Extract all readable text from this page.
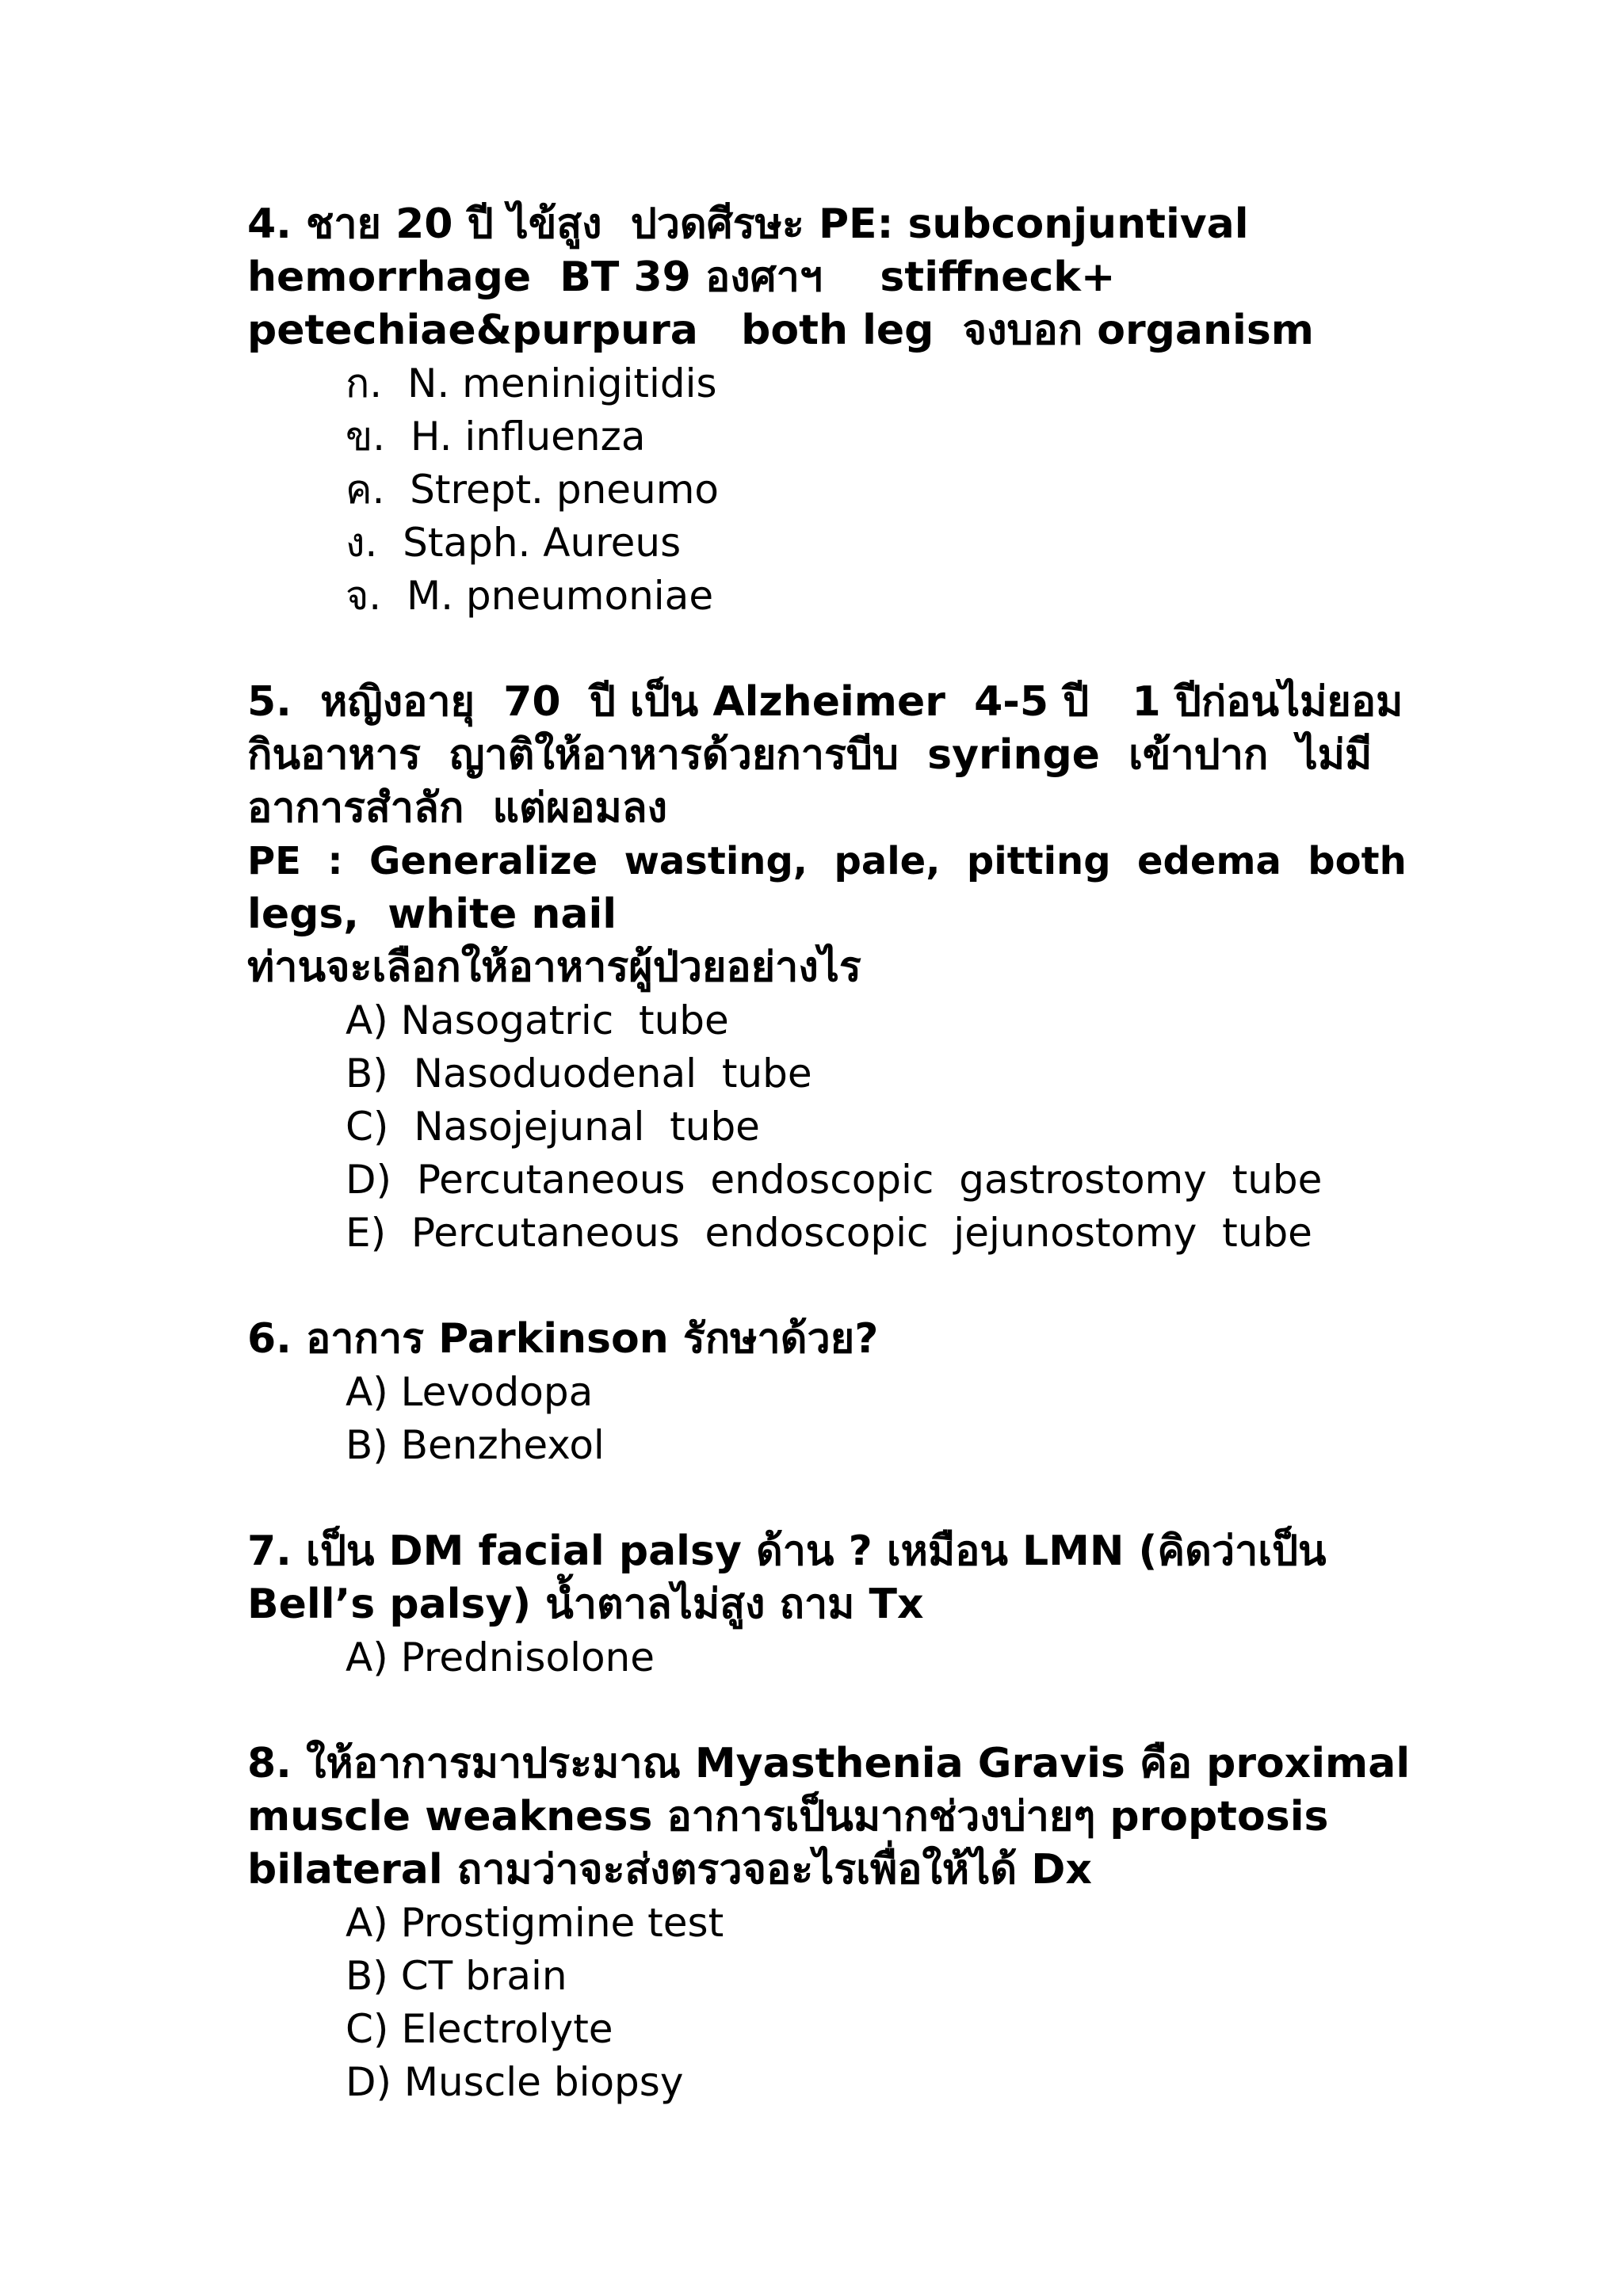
4. ชาย 20 ปี ไข้สูง  ปวดศีรษะ PE: subconjuntival

hemorrhage  BT 39 องศาฯ    stiffneck+

petechiae&purpura   both leg  จงบอก organism

ก. N. meninigitidis

ข. H. influenza

ค. Strept. pneumo

ง. Staph. Aureus

จ. M. pneumoniae

5.  หญิงอายุ  70  ปี เป็น Alzheimer  4-5 ปี   1 ปีก่อนไม่ยอม

กินอาหาร  ญาติให้อาหารด้วยการบีบ  syringe  เข้าปาก  ไม่มี

อาการสำลัก  แต่ผอมลง

PE  :  Generalize  wasting,  pale,  pitting  edema  both

legs,  white nail

ท่านจะเลือกให้อาหารผู้ป่วยอย่างไร

A) Nasogatric  tube

B) Nasoduodenal  tube

C) Nasojejunal  tube

D) Percutaneous  endoscopic  gastrostomy  tube

E) Percutaneous  endoscopic  jejunostomy  tube

6. อาการ Parkinson รักษาด้วย?

A) Levodopa

B) Benzhexol

7. เป็น DM facial palsy ด้าน ? เหมือน LMN (คิดว่าเป็น

Bell’s palsy) น้ำตาลไม่สูง ถาม Tx

A) Prednisolone

8. ให้อาการมาประมาณ Myasthenia Gravis คือ proximal

muscle weakness อาการเป็นมากช่วงบ่ายๆ proptosis

bilateral ถามว่าจะส่งตรวจอะไรเพื่อให้ได้ Dx

A) Prostigmine test

B) CT brain

C) Electrolyte

D) Muscle biopsy
